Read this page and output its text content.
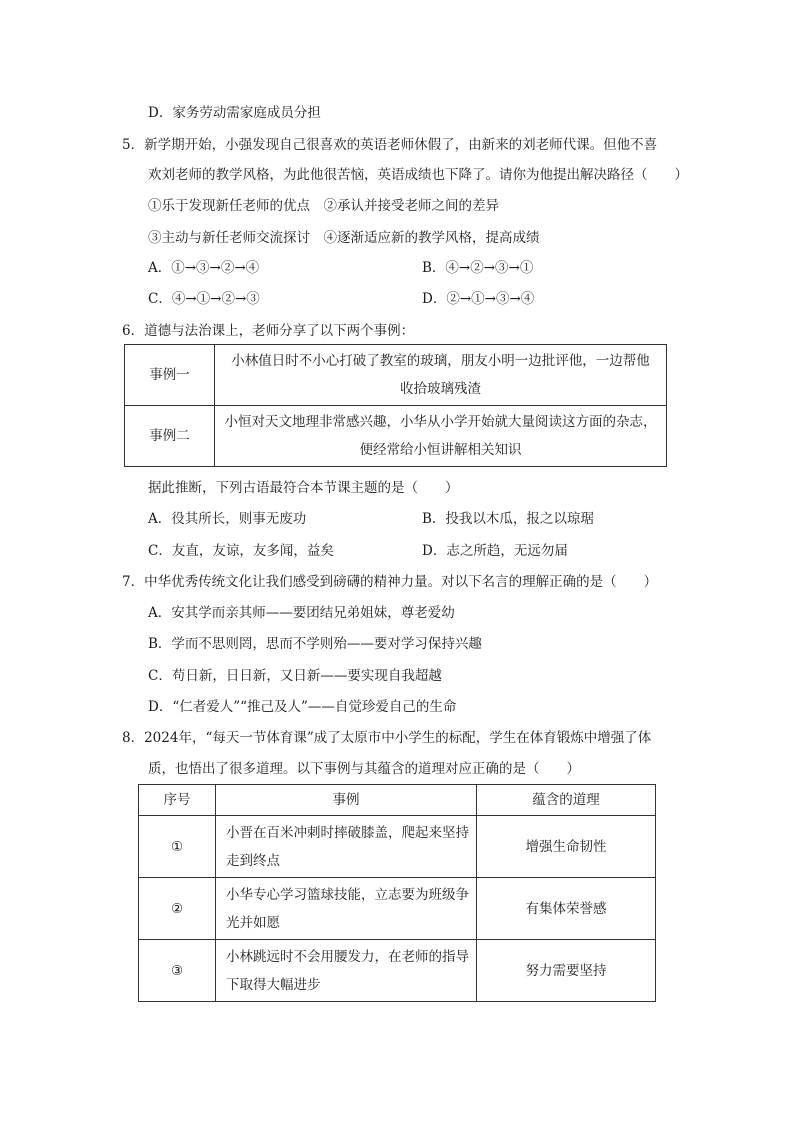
D．家务劳动需家庭成员分担
5．新学期开始，小强发现自己很喜欢的英语老师休假了，由新来的刘老师代课。但他不喜
欢刘老师的教学风格，为此他很苦恼，英语成绩也下降了。请你为他提出解决路径（　　）
①乐于发现新任老师的优点　②承认并接受老师之间的差异
③主动与新任老师交流探讨　④逐渐适应新的教学风格，提高成绩
A．①→③→②→④	B．④→②→③→①
C．④→①→②→③	D．②→①→③→④
6．道德与法治课上，老师分享了以下两个事例：
事例一	小林值日时不小心打破了教室的玻璃，朋友小明一边批评他，一边帮他
收拾玻璃残渣

事例二	小恒对天文地理非常感兴趣，小华从小学开始就大量阅读这方面的杂志，
便经常给小恒讲解相关知识
据此推断，下列古语最符合本节课主题的是（　　）
A．役其所长，则事无废功	B．投我以木瓜，报之以琼琚
C．友直，友谅，友多闻，益矣	D．志之所趋，无远勿届
7．中华优秀传统文化让我们感受到磅礴的精神力量。对以下名言的理解正确的是（　　）
A．安其学而亲其师——要团结兄弟姐妹，尊老爱幼
B．学而不思则罔，思而不学则殆——要对学习保持兴趣
C．苟日新，日日新，又日新——要实现自我超越
D．“仁者爱人”“推己及人”——自觉珍爱自己的生命
8．2024年，“每天一节体育课”成了太原市中小学生的标配，学生在体育锻炼中增强了体
质，也悟出了很多道理。以下事例与其蕴含的道理对应正确的是（　　）
序号	事例	蕴含的道理
①	小晋在百米冲刺时摔破膝盖，爬起来坚持
走到终点	增强生命韧性
②	小华专心学习篮球技能，立志要为班级争
光并如愿	有集体荣誉感
③	小林跳远时不会用腰发力，在老师的指导
下取得大幅进步	努力需要坚持
